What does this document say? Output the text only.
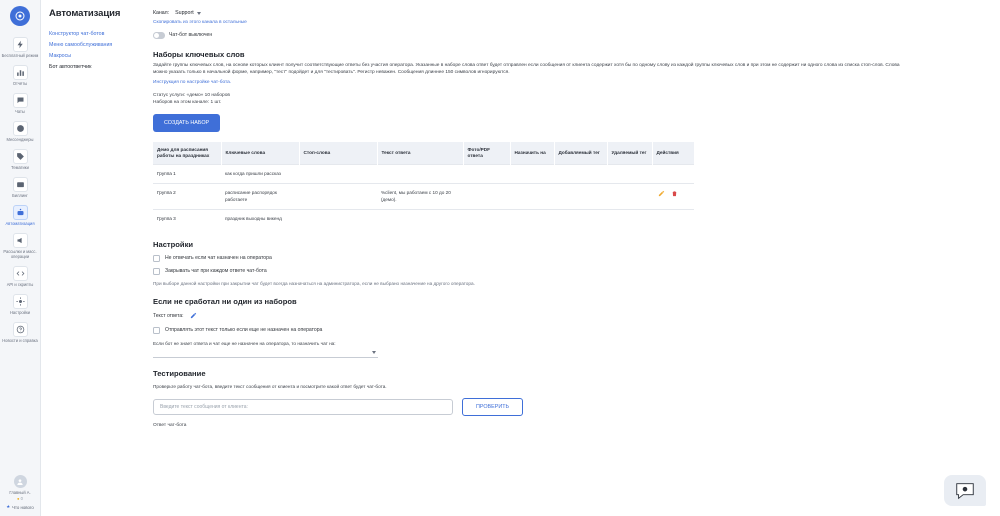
Бесплатный режим
Отчёты
Чаты
Мессенджеры
Тематики
Биллинг
Автоматизация
Рассылки и масс. операции
API и скрипты
Настройки
Новости и справка
Главный А.
● 0
★ Что нового
Автоматизация
Конструктор чат-ботов
Меню самообслуживания
Макросы
Бот автоответчик
Канал: Support
Скопировать из этого канала в остальные
Чат-бот выключен
Наборы ключевых слов

Задайте группы ключевых слов, на основе которых клиент получит соответствующие ответы без участия оператора. Указанные в наборе слова ответ будет отправлен если сообщения от клиента содержит хотя бы по одному слову из каждой группы ключевых слов и при этом не содержит ни одного слова из списка стоп-слов. Слова можно указать только в начальной форме, например, "тест" подойдет и для "тестировать". Регистр неважен. Сообщения длиннее 150 символов игнорируются.

Инструкция по настройке чат-бота.
Статус услуги: «демо» 10 наборов
Наборов на этом канале: 1 шт.
СОЗДАТЬ НАБОР
Демо для расписания работы на праздниках	Ключевые слова	Стоп-слова	Текст ответа	Фото/PDF ответа	Назначить на	Добавляемый тег	Удаляемый тег	Действия
Группа 1	как когда пришли рассказ							
Группа 2	расписание распорядок работаете		%client, мы работаем с 10 до 20 (демо).					

Группа 3	праздник выходны викенд							
Настройки
Не отвечать если чат назначен на оператора
Закрывать чат при каждом ответе чат-бота
При выборе данной настройки при закрытии чат будет всегда назначаться на администратора, если не выбрано назначение на другого оператора.
Если не сработал ни один из наборов
Текст ответа:
Отправлять этот текст только если еще не назначен на оператора
Если бот не знает ответа и чат еще не назначен на оператора, то назначить чат на:
Тестирование
Проверьте работу чат-бота, введите текст сообщения от клиента и посмотрите какой ответ будет чат-бота.
Введите текст сообщения от клиента:	ПРОВЕРИТЬ
Ответ чат-бота
